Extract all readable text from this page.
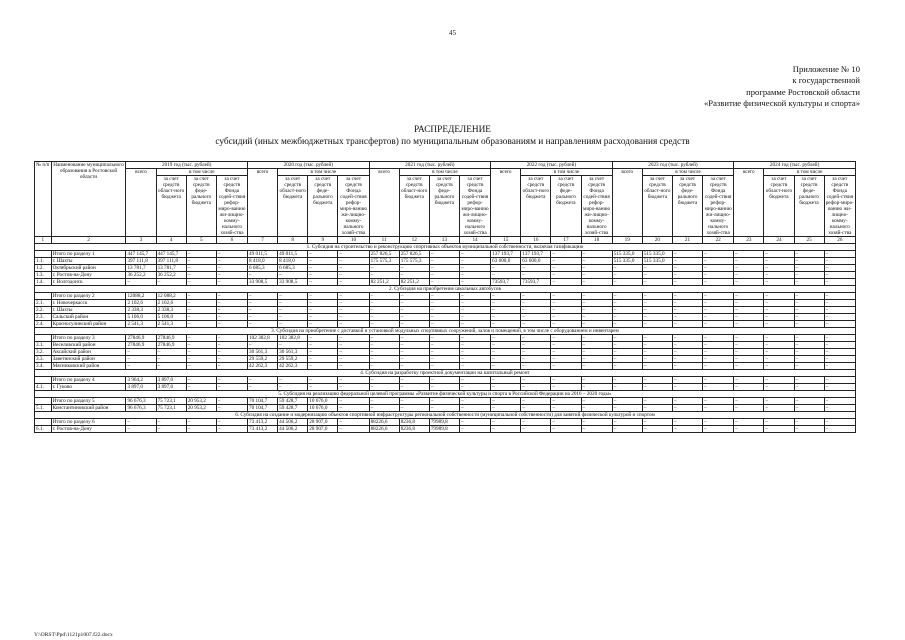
45
Приложение № 10
к государственной
программе Ростовской области
«Развитие физической культуры и спорта»
РАСПРЕДЕЛЕНИЕ
субсидий (иных межбюджетных трансфертов) по муниципальным образованиям и направлениям расходования средств
№ п/п	Наименование муниципального образования в Ростовской области	2019 год (тыс. рублей)				2020 год (тыс. рублей)				2021 год (тыс. рублей)				2022 год (тыс. рублей)				2023 год (тыс. рублей)				2024 год (тыс. рублей)			
		всего	в том числе			всего	в том числе			всего	в том числе			всего	в том числе			всего	в том числе			всего	в том числе		
			за счет средств област-ного бюджета	за счет средств феде-рального бюджета	за счет средств Фонда содей-ствия рефор-миро-ванию жи-лищно-комму-нального хозяй-ства		за счет средств област-ного бюджета	за счет средств феде-рального бюджета	за счет средств Фонда содей-ствия рефор-миро-ванию жи-лищно-комму-нального хозяй-ства		за счет средств област-ного бюджета	за счет средств феде-рального бюджета	за счет средств Фонда содей-ствия рефор-миро-ванию жи-лищно-комму-нального хозяй-ства		за счет средств област-ного бюджета	за счет средств феде-рального бюджета	за счет средств Фонда содей-ствия рефор-миро-ванию жи-лищно-комму-нального хозяй-ства		за счет средств област-ного бюджета	за счет средств феде-рального бюджета	за счет средств Фонда содей-ствия рефор-миро-ванию жи-лищно-комму-нального хозяй-ства		за счет средств област-ного бюджета	за счет средств феде-рального бюджета	за счет средств Фонда содей-ствия рефор-миро-ванию жи-лищно-комму-нального хозяй-ства
1	2	3	4	5	6	7	8	9	10	11	12	13	14	15	16	17	18	19	20	21	22	23	24	25	26
1. Субсидия на строительство и реконструкцию спортивных объектов муниципальной собственности, включая газификацию																									
	Итого по разделу 1	447 145,7	447 145,7	–	–	49 011,5	49 011,5	–	–	257 826,5	257 826,5	–	–	137 193,7	137 193,7	–	–	515 335,0	515 335,0	–	–	–	–	–	–
1.1.	г. Шахты	397 111,8	397 111,8	–	–	8 418,0	8 418,0	–	–	175 575,3	175 575,3	–	–	63 600,0	63 600,0	–	–	515 335,0	515 335,0	–	–	–	–	–	–
1.2.	Октябрьский район	13 781,7	13 781,7	–	–	6 685,3	6 685,3	–	–	–	–	–	–	–	–	–	–	–	–	–	–	–	–	–	–
1.3.	г. Ростов-на-Дону	36 252,2	36 252,2	–	–	–	–	–	–	–	–	–	–	–	–	–	–	–	–	–	–	–	–	–	–
1.4.	г. Волгодонск	–	–	–	–	33 908,5	33 908,5	–	–	82 251,2	82 251,2	–	–	73593,7	73593,7	–	–	–	–	–	–	–	–	–	–
2. Субсидия на приобретение школьных автобусов																									
	Итого по разделу 2	12088,2	12 088,2	–	–	–	–	–	–	–	–	–	–	–	–	–	–	–	–	–	–	–	–	–	–
2.1.	г. Новочеркасск	2 102,6	2 102,6	–	–	–	–	–	–	–	–	–	–	–	–	–	–	–	–	–	–	–	–	–	–
2.2.	г. Шахты	2 338,3	2 338,3	–	–	–	–	–	–	–	–	–	–	–	–	–	–	–	–	–	–	–	–	–	–
2.3.	Сальский район	5 106,0	5 106,0	–	–	–	–	–	–	–	–	–	–	–	–	–	–	–	–	–	–	–	–	–	–
2.4.	Красносулинский район	2 541,3	2 541,3	–	–	–	–	–	–	–	–	–	–	–	–	–	–	–	–	–	–	–	–	–	–
3. Субсидия на приобретение с доставкой и установкой модульных спортивных сооружений, залов и помещений, в том числе с оборудованием и инвентарем																									
	Итого по разделу 3	27846,9	27846,9	–	–	102 382,8	102 382,8	–	–	–	–	–	–	–	–	–	–	–	–	–	–	–	–	–	–
3.1.	Веселовский район	27846,9	27846,9	–	–	–	–	–	–	–	–	–	–	–	–	–	–	–	–	–	–	–	–	–	–
3.2.	Аксайский район	–	–	–	–	30 561,3	30 561,3	–	–	–	–	–	–	–	–	–	–	–	–	–	–	–	–	–	–
3.3.	Заветинский район	–	–	–	–	29 559,2	29 559,2	–	–	–	–	–	–	–	–	–	–	–	–	–	–	–	–	–	–
3.4.	Мясниковский район	–	–	–	–	42 262,3	42 262,3	–	–	–	–	–	–	–	–	–	–	–	–	–	–	–	–	–	–
4. Субсидия на разработку проектной документации на капитальный ремонт																									
	Итого по разделу 4	3 964,2	3 897,0	–	–	–	–	–	–	–	–	–	–	–	–	–	–	–	–	–	–	–	–	–	–
4.1.	г. Гуково	3 897,0	3 897,0	–	–	–	–	–	–	–	–	–	–	–	–	–	–	–	–	–	–	–	–	–	–
5. Субсидия на реализацию федеральной целевой программы «Развитие физической культуры и спорта в Российской Федерации на 2016 – 2020 годы»																									
	Итого по разделу 5	96 676,3	75 723,1	20 953,2	–	70 104,7	59 428,7	10 676,0	–	–	–	–	–	–	–	–	–	–	–	–	–	–	–	–	–
5.1.	Константиновский район	96 676,3	75 723,1	20 953,2	–	70 104,7	59 428,7	10 676,0	–	–	–	–	–	–	–	–	–	–	–	–	–	–	–	–	–
6. Субсидия на создание и модернизацию объектов спортивной инфраструктуры региональной собственности (муниципальной собственности) для занятий физической культурой и спортом																									
	Итого по разделу 6	–	–	–	–	73 413,2	44 506,2	28 907,0	–	88226,6	8236,8	79989,8	–	–	–	–	–	–	–	–	–	–	–	–	–
6.1.	г. Ростов-на-Дону	–	–	–	–	73 413,2	44 506,2	28 907,0	–	88226,6	8236,8	79989,8	–	–	–	–	–	–	–	–	–	–	–	–	–
Y:\ORST\Ppd\1121p1007.f22.docx
